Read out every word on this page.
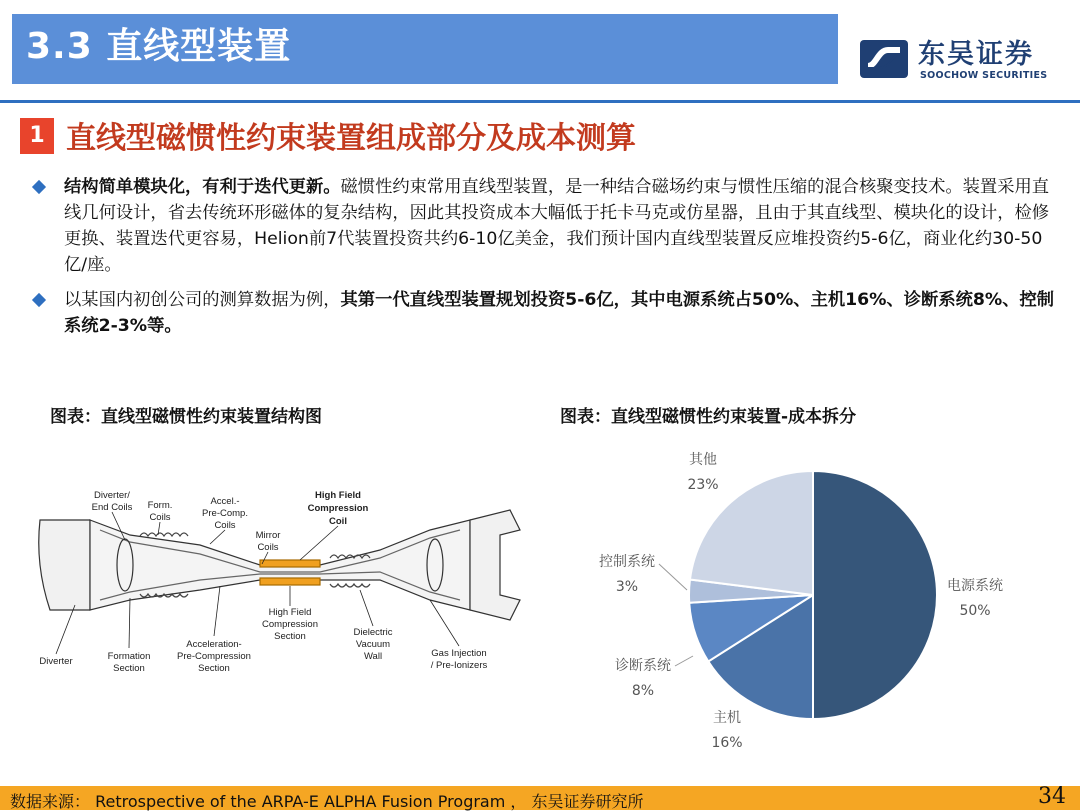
3.3 直线型装置	东吴证券
SOOCHOW SECURITIES
1 直线型磁惯性约束装置组成部分及成本测算
结构简单模块化，有利于迭代更新。磁惯性约束常用直线型装置，是一种结合磁场约束与惯性压缩的混合核聚变技术。装置采用直线几何设计，省去传统环形磁体的复杂结构，因此其投资成本大幅低于托卡马克或仿星器，且由于其直线型、模块化的设计，检修更换、装置迭代更容易，Helion前7代装置投资共约6-10亿美金，我们预计国内直线型装置反应堆投资约5-6亿，商业化约30-50亿/座。
以某国内初创公司的测算数据为例，其第一代直线型装置规划投资5-6亿，其中电源系统占50%、主机16%、诊断系统8%、控制系统2-3%等。
图表：直线型磁惯性约束装置结构图	图表：直线型磁惯性约束装置-成本拆分
Diverter/ End Coils Form. Coils
Accel.-Pre-Comp. Coils
High Field Compression Coil
Mirror Coils
High Field Compression Section	Dielectric Vacuum Wall	Gas Injection / Pre-Ionizers
Diverter	Formation Section
Acceleration-Pre-Compression Section
电源系统
50%
主机
16%
诊断系统
8%
控制系统
3%
其他
23%
数据来源： Retrospective of the ARPA-E ALPHA Fusion Program ， 东吴证券研究所	34
